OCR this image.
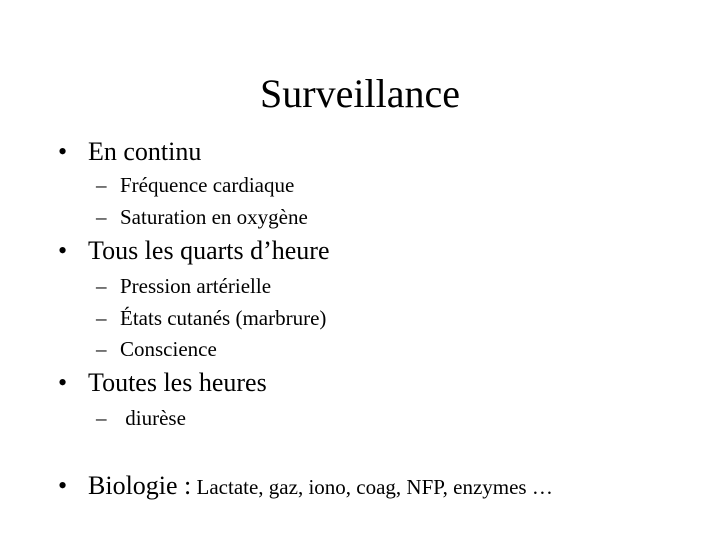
Surveillance
• En continu
– Fréquence cardiaque
– Saturation en oxygène
• Tous les quarts d’heure
– Pression artérielle
– États cutanés (marbrure)
– Conscience
• Toutes les heures
– diurèse
• Biologie : Lactate, gaz, iono, coag, NFP, enzymes …
